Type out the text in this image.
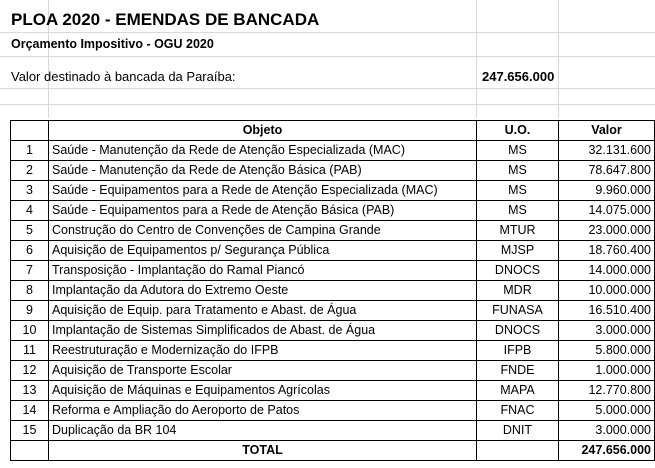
PLOA 2020 - EMENDAS DE BANCADA
Orçamento Impositivo - OGU 2020
Valor destinado à bancada da Paraíba:	247.656.000
	Objeto	U.O.	Valor
1	Saúde - Manutenção da Rede de Atenção Especializada (MAC)	MS	32.131.600
2	Saúde - Manutenção da Rede de Atenção Básica (PAB)	MS	78.647.800
3	Saúde - Equipamentos para a Rede de Atenção Especializada (MAC)	MS	9.960.000
4	Saúde - Equipamentos para a Rede de Atenção Básica (PAB)	MS	14.075.000
5	Construção do Centro de Convenções de Campina Grande	MTUR	23.000.000
6	Aquisição de Equipamentos p/ Segurança Pública	MJSP	18.760.400
7	Transposição - Implantação do Ramal Piancó	DNOCS	14.000.000
8	Implantação da Adutora do Extremo Oeste	MDR	10.000.000
9	Aquisição de Equip. para Tratamento e Abast. de Água	FUNASA	16.510.400
10	Implantação de Sistemas Simplificados de Abast. de Água	DNOCS	3.000.000
11	Reestruturação e Modernização do IFPB	IFPB	5.800.000
12	Aquisição de Transporte Escolar	FNDE	1.000.000
13	Aquisição de Máquinas e Equipamentos Agrícolas	MAPA	12.770.800
14	Reforma e Ampliação do Aeroporto de Patos	FNAC	5.000.000
15	Duplicação da BR 104	DNIT	3.000.000
	TOTAL		247.656.000
